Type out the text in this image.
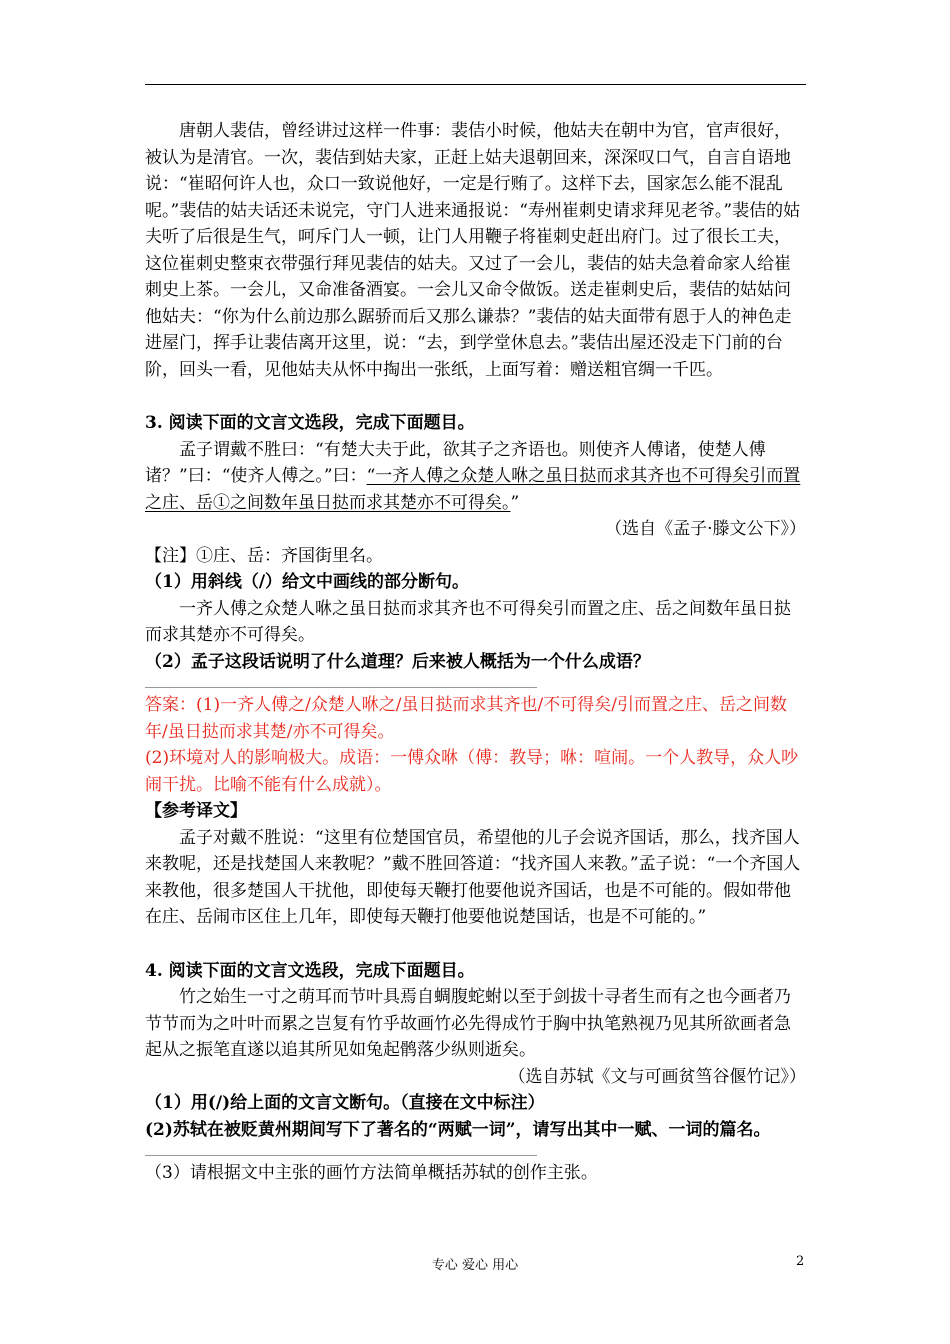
唐朝人裴佶，曾经讲过这样一件事：裴佶小时候，他姑夫在朝中为官，官声很好，被认为是清官。一次，裴佶到姑夫家，正赶上姑夫退朝回来，深深叹口气，自言自语地说：“崔昭何许人也，众口一致说他好，一定是行贿了。这样下去，国家怎么能不混乱呢。”裴佶的姑夫话还未说完，守门人进来通报说：“寿州崔刺史请求拜见老爷。”裴佶的姑夫听了后很是生气，呵斥门人一顿，让门人用鞭子将崔刺史赶出府门。过了很长工夫，这位崔刺史整束衣带强行拜见裴佶的姑夫。又过了一会儿，裴佶的姑夫急着命家人给崔刺史上茶。一会儿，又命准备酒宴。一会儿又命令做饭。送走崔刺史后，裴佶的姑姑问他姑夫：“你为什么前边那么踞骄而后又那么谦恭？”裴佶的姑夫面带有恩于人的神色走进屋门，挥手让裴佶离开这里，说：“去，到学堂休息去。”裴佶出屋还没走下门前的台阶，回头一看，见他姑夫从怀中掏出一张纸，上面写着：赠送粗官绸一千匹。

3. 阅读下面的文言文选段，完成下面题目。

孟子谓戴不胜曰：“有楚大夫于此，欲其子之齐语也。则使齐人傅诸，使楚人傅诸？”曰：“使齐人傅之。”曰：“一齐人傅之众楚人咻之虽日挞而求其齐也不可得矣引而置之庄、岳①之间数年虽日挞而求其楚亦不可得矣。”

（选自《孟子·滕文公下》）

【注】①庄、岳：齐国街里名。

（1）用斜线（/）给文中画线的部分断句。

一齐人傅之众楚人咻之虽日挞而求其齐也不可得矣引而置之庄、岳之间数年虽日挞而求其楚亦不可得矣。

（2）孟子这段话说明了什么道理？后来被人概括为一个什么成语？

答案：(1)一齐人傅之/众楚人咻之/虽日挞而求其齐也/不可得矣/引而置之庄、岳之间数年/虽日挞而求其楚/亦不可得矣。

(2)环境对人的影响极大。成语：一傅众咻（傅：教导；咻：喧闹。一个人教导，众人吵闹干扰。比喻不能有什么成就）。

【参考译文】

孟子对戴不胜说：“这里有位楚国官员，希望他的儿子会说齐国话，那么，找齐国人来教呢，还是找楚国人来教呢？”戴不胜回答道：“找齐国人来教。”孟子说：“一个齐国人来教他，很多楚国人干扰他，即使每天鞭打他要他说齐国话，也是不可能的。假如带他在庄、岳闹市区住上几年，即使每天鞭打他要他说楚国话，也是不可能的。”

4. 阅读下面的文言文选段，完成下面题目。

竹之始生一寸之萌耳而节叶具焉自蜩腹蛇蚹以至于剑拔十寻者生而有之也今画者乃节节而为之叶叶而累之岂复有竹乎故画竹必先得成竹于胸中执笔熟视乃见其所欲画者急起从之振笔直遂以追其所见如兔起鹘落少纵则逝矣。

（选自苏轼《文与可画贫筜谷偃竹记》）

（1）用(/)给上面的文言文断句。（直接在文中标注）

(2)苏轼在被贬黄州期间写下了著名的“两赋一词”，请写出其中一赋、一词的篇名。

（3）请根据文中主张的画竹方法简单概括苏轼的创作主张。

专心 爱心 用心	2
